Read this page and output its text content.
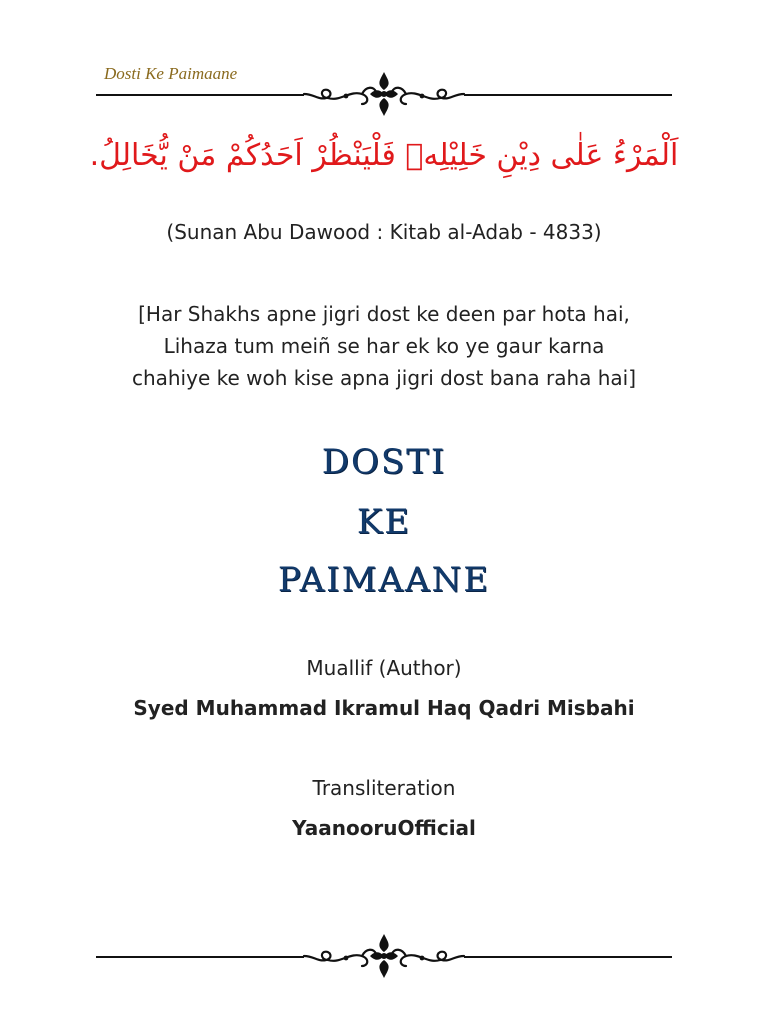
Dosti Ke Paimaane
اَلْمَرْءُ عَلٰى دِيْنِ خَلِيْلِهٖ فَلْيَنْظُرْ اَحَدُكُمْ مَنْ يُّخَالِلُ.
(Sunan Abu Dawood : Kitab al-Adab - 4833)
[Har Shakhs apne jigri dost ke deen par hota hai,
Lihaza tum meiñ se har ek ko ye gaur karna
chahiye ke woh kise apna jigri dost bana raha hai]
DOSTI
KE
PAIMAANE
Muallif (Author)
Syed Muhammad Ikramul Haq Qadri Misbahi
Transliteration
YaanooruOfficial
